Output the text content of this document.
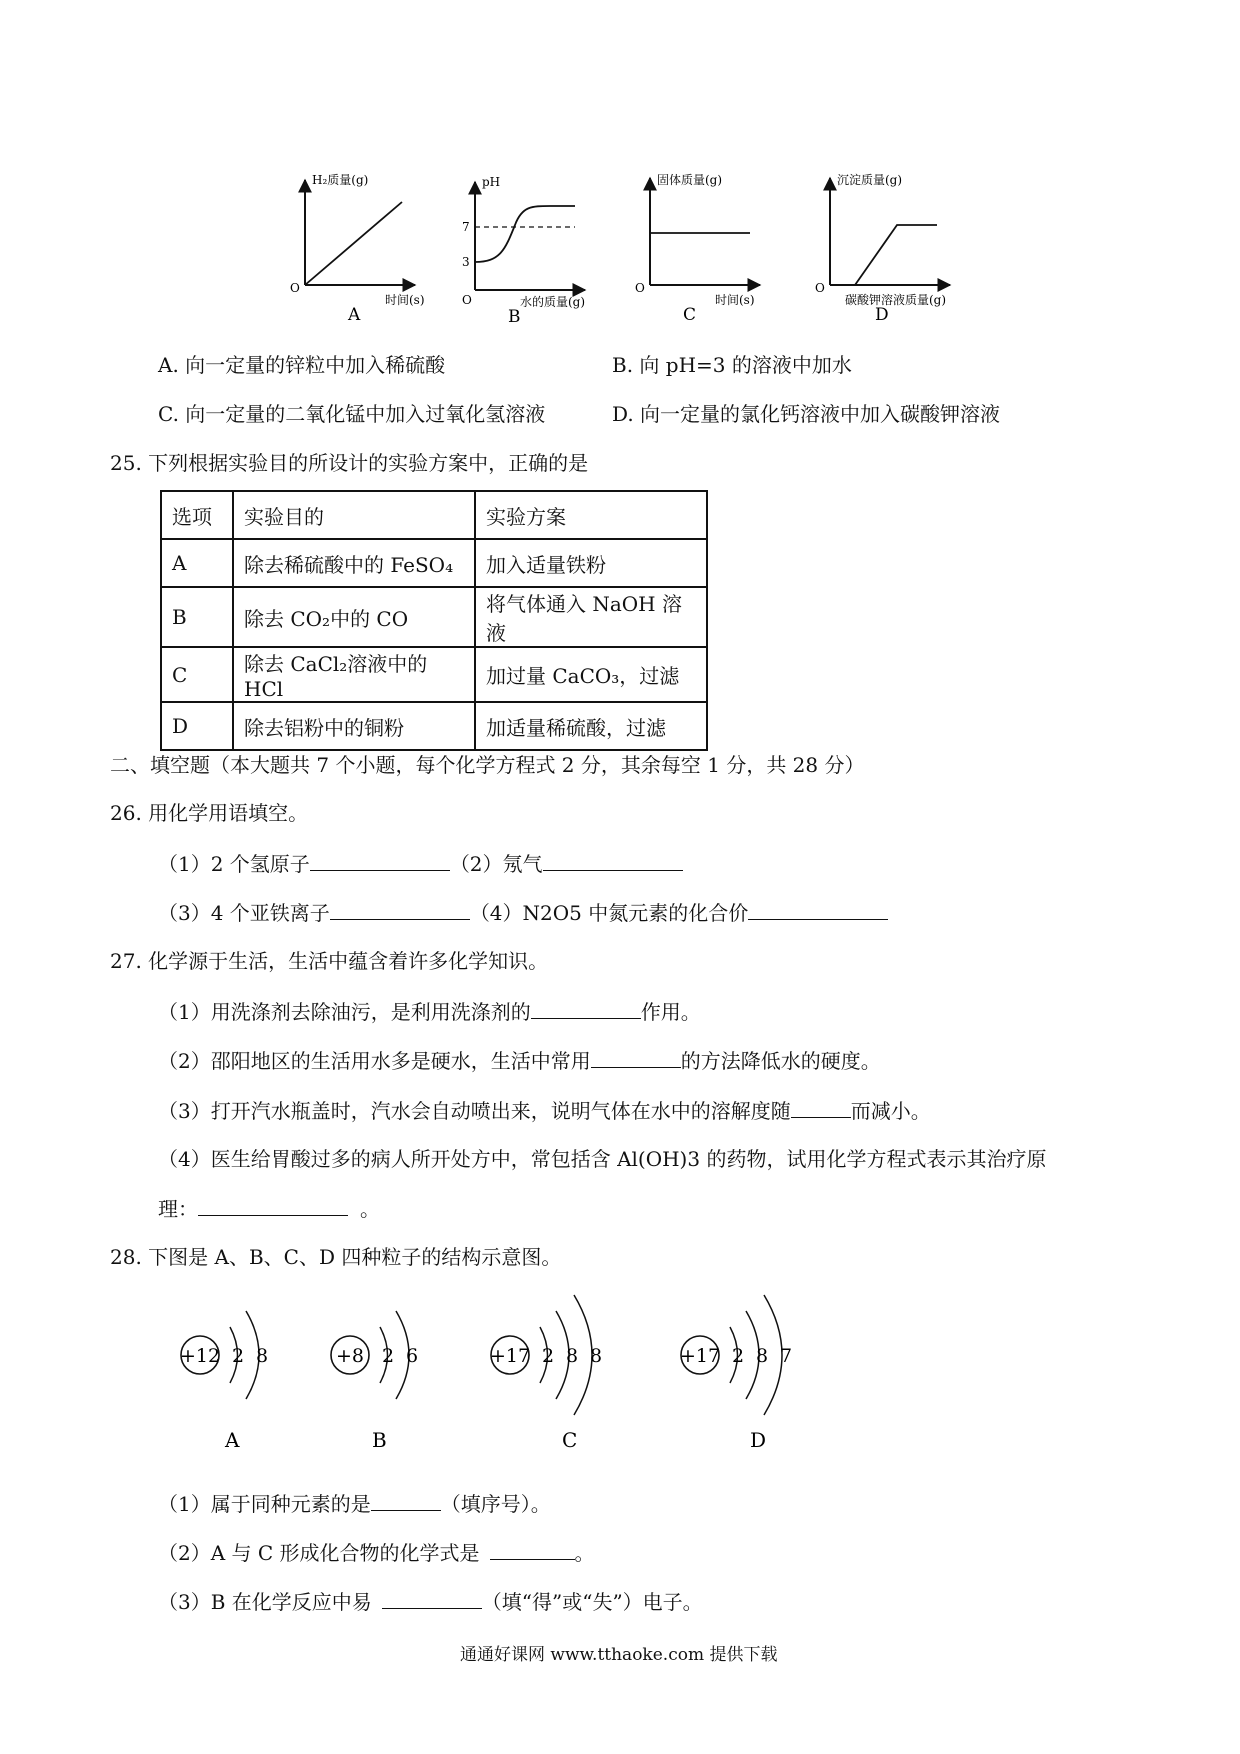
H₂质量(g)
O
时间(s)
A
pH
7
3
O	水的质量(g)
B
固体质量(g)
O
时间(s)
C
沉淀质量(g)
O
碳酸钾溶液质量(g)
D
A. 向一定量的锌粒中加入稀硫酸	B. 向 pH=3 的溶液中加水
C. 向一定量的二氧化锰中加入过氧化氢溶液	D. 向一定量的氯化钙溶液中加入碳酸钾溶液
25. 下列根据实验目的所设计的实验方案中，正确的是
选项	实验目的	实验方案
A	除去稀硫酸中的 FeSO₄	加入适量铁粉
B	除去 CO₂中的 CO	将气体通入 NaOH 溶液
C	除去 CaCl₂溶液中的 HCl	加过量 CaCO₃，过滤
D	除去铝粉中的铜粉	加适量稀硫酸，过滤
二、填空题（本大题共 7 个小题，每个化学方程式 2 分，其余每空 1 分，共 28 分）
26. 用化学用语填空。
（1）2 个氢原子	（2）氖气
（3）4 个亚铁离子	（4）N2O5 中氮元素的化合价
27. 化学源于生活，生活中蕴含着许多化学知识。
（1）用洗涤剂去除油污，是利用洗涤剂的	作用。
（2）邵阳地区的生活用水多是硬水，生活中常用	的方法降低水的硬度。
（3）打开汽水瓶盖时，汽水会自动喷出来，说明气体在水中的溶解度随	而减小。
（4）医生给胃酸过多的病人所开处方中，常包括含 Al(OH)3 的药物，试用化学方程式表示其治疗原
理：	。
28. 下图是 A、B、C、D 四种粒子的结构示意图。
+12 2 8
A
+8 2 6
B
+17 2 8 8
C
+17 2 8 7
D
（1）属于同种元素的是	（填序号）。
（2）A 与 C 形成化合物的化学式是	。
（3）B 在化学反应中易	（填“得”或“失”）电子。
通通好课网 www.tthaoke.com 提供下载
